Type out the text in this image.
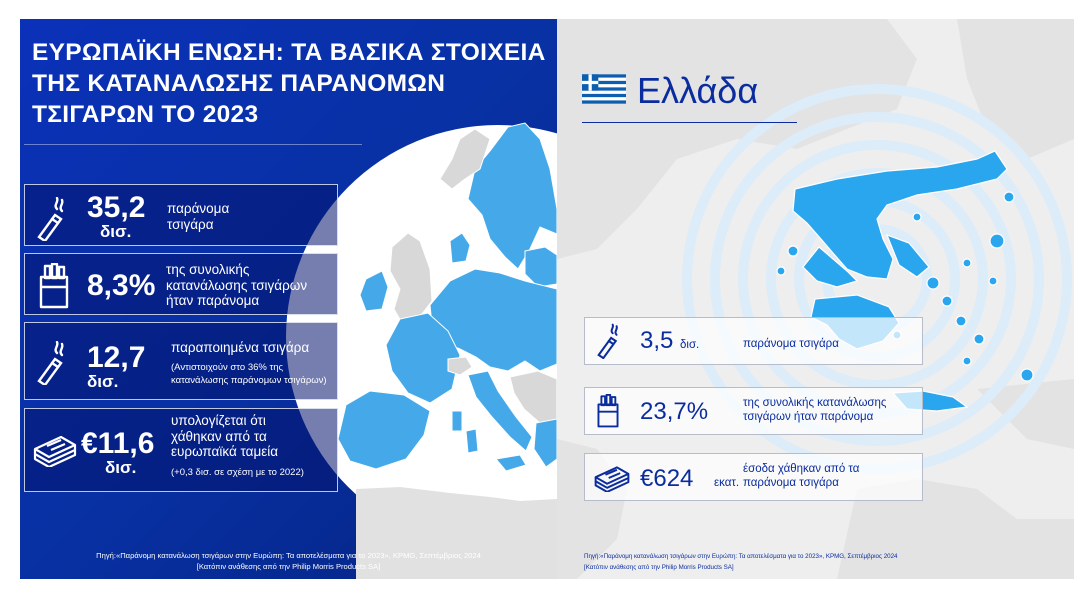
ΕΥΡΩΠΑΪΚΗ ΕΝΩΣΗ: ΤΑ ΒΑΣΙΚΑ ΣΤΟΙΧΕΙΑ
ΤΗΣ ΚΑΤΑΝΑΛΩΣΗΣ ΠΑΡΑΝΟΜΩΝ
ΤΣΙΓΑΡΩΝ ΤΟ 2023
35,2
δισ.
παράνομα
τσιγάρα
8,3% της συνολικής
κατανάλωσης τσιγάρων
ήταν παράνομα
12,7
δισ.
παραποιημένα τσιγάρα
(Αντιστοιχούν στο 36% της
κατανάλωσης παράνομων τσιγάρων)
€11,6
δισ.
υπολογίζεται ότι
χάθηκαν από τα
ευρωπαϊκά ταμεία
(+0,3 δισ. σε σχέση με το 2022)
Πηγή:«Παράνομη κατανάλωση τσιγάρων στην Ευρώπη: Τα αποτελέσματα για το 2023», KPMG, Σεπτέμβριος 2024
[Κατόπιν ανάθεσης από την Philip Morris Products SA]
Ελλάδα
3,5 δισ.	παράνομα τσιγάρα
23,7%	της συνολικής κατανάλωσης
τσιγάρων ήταν παράνομα
€624 εκατ.
έσοδα χάθηκαν από τα
παράνομα τσιγάρα
Πηγή:«Παράνομη κατανάλωση τσιγάρων στην Ευρώπη: Τα αποτελέσματα για το 2023», KPMG, Σεπτέμβριος 2024
[Κατόπιν ανάθεσης από την Philip Morris Products SA]
